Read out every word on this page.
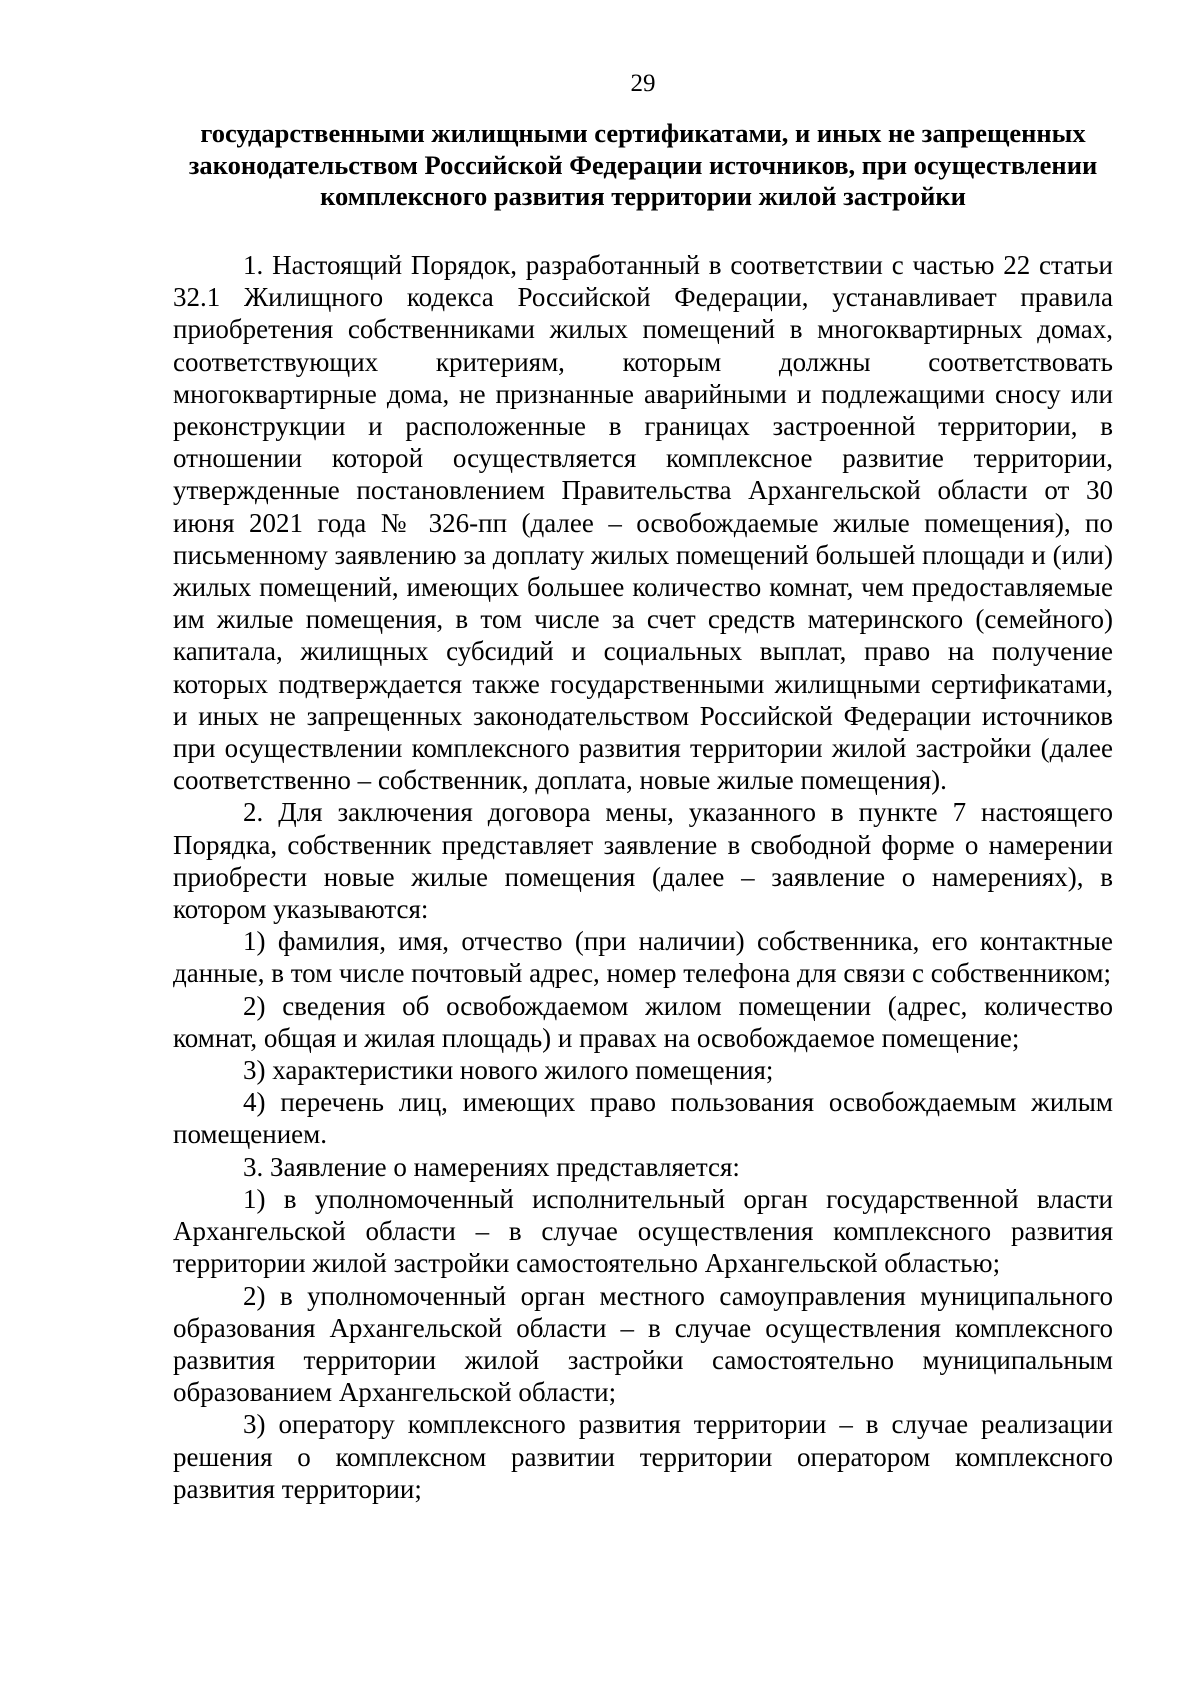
29
государственными жилищными сертификатами, и иных не запрещенных
законодательством Российской Федерации источников, при осуществлении
комплексного развития территории жилой застройки

1. Настоящий Порядок, разработанный в соответствии с частью 22 статьи 32.1 Жилищного кодекса Российской Федерации, устанавливает правила приобретения собственниками жилых помещений в многоквартирных домах, соответствующих критериям, которым должны соответствовать многоквартирные дома, не признанные аварийными и подлежащими сносу или реконструкции и расположенные в границах застроенной территории, в отношении которой осуществляется комплексное развитие территории, утвержденные постановлением Правительства Архангельской области от 30 июня 2021 года № 326-пп (далее – освобождаемые жилые помещения), по письменному заявлению за доплату жилых помещений большей площади и (или) жилых помещений, имеющих большее количество комнат, чем предоставляемые им жилые помещения, в том числе за счет средств материнского (семейного) капитала, жилищных субсидий и социальных выплат, право на получение которых подтверждается также государственными жилищными сертификатами, и иных не запрещенных законодательством Российской Федерации источников при осуществлении комплексного развития территории жилой застройки (далее соответственно – собственник, доплата, новые жилые помещения).

2. Для заключения договора мены, указанного в пункте 7 настоящего Порядка, собственник представляет заявление в свободной форме о намерении приобрести новые жилые помещения (далее – заявление о намерениях), в котором указываются:

1) фамилия, имя, отчество (при наличии) собственника, его контактные данные, в том числе почтовый адрес, номер телефона для связи с собственником;

2) сведения об освобождаемом жилом помещении (адрес, количество комнат, общая и жилая площадь) и правах на освобождаемое помещение;

3) характеристики нового жилого помещения;

4) перечень лиц, имеющих право пользования освобождаемым жилым помещением.

3. Заявление о намерениях представляется:

1) в уполномоченный исполнительный орган государственной власти Архангельской области – в случае осуществления комплексного развития территории жилой застройки самостоятельно Архангельской областью;

2) в уполномоченный орган местного самоуправления муниципального образования Архангельской области – в случае осуществления комплексного развития территории жилой застройки самостоятельно муниципальным образованием Архангельской области;

3) оператору комплексного развития территории – в случае реализации решения о комплексном развитии территории оператором комплексного развития территории;
